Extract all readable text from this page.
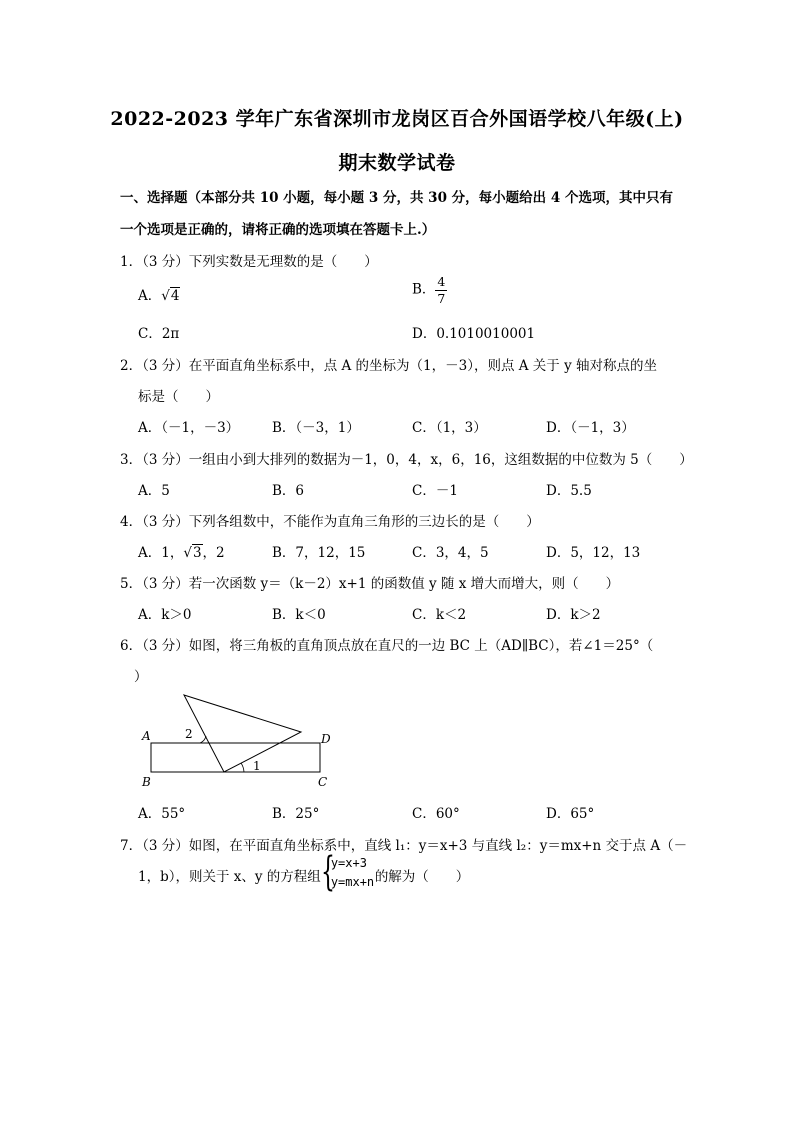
2022-2023 学年广东省深圳市龙岗区百合外国语学校八年级(上)
期末数学试卷
一、选择题（本部分共 10 小题，每小题 3 分，共 30 分，每小题给出 4 个选项，其中只有
一个选项是正确的，请将正确的选项填在答题卡上.）
1．（3 分）下列实数是无理数的是（　　）
A．√4	B． $\frac{4}{7}$
C．2π	D．0.1010010001
2．（3 分）在平面直角坐标系中，点 A 的坐标为（1，－3），则点 A 关于 y 轴对称点的坐
标是（　　）
A．（－1，－3） B．（－3，1）	C．（1，3）	D．（－1，3）
3．（3 分）一组由小到大排列的数据为－1，0，4，x，6，16，这组数据的中位数为 5（　　）
A．5	B．6	C．－1	D．5.5
4．（3 分）下列各组数中，不能作为直角三角形的三边长的是（　　）
A．1，√3，2	B．7，12，15	C．3，4，5	D．5，12，13
5．（3 分）若一次函数 y＝（k－2）x+1 的函数值 y 随 x 增大而增大，则（　　）
A．k＞0	B．k＜0	C．k＜2	D．k＞2
6．（3 分）如图，将三角板的直角顶点放在直尺的一边 BC 上（AD∥BC），若∠1＝25°（
）
A
B	C
D
2
1
A．55°	B．25°	C．60°	D．65°
7．（3 分）如图，在平面直角坐标系中，直线 l₁：y＝x+3 与直线 l₂：y＝mx+n 交于点 A（－
1，b），则关于 x、y 的方程组 {
y=x+3
y=mx+n 的解为（　　）
